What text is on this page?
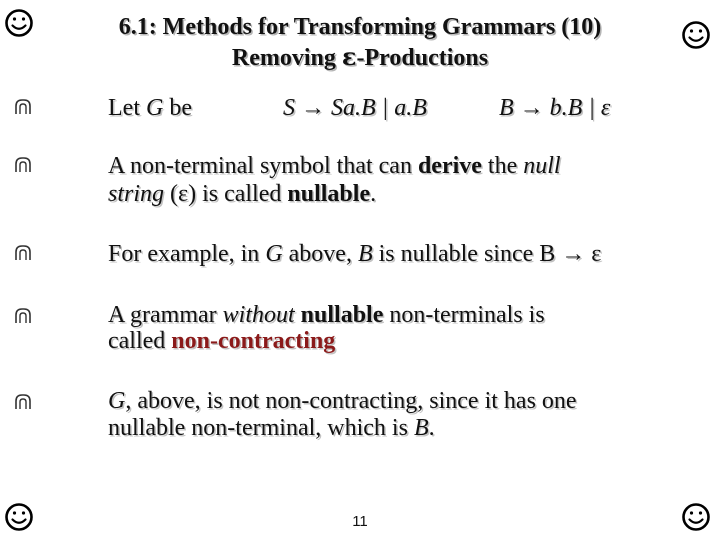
6.1: Methods for Transforming Grammars (10)
Removing ε-Productions
Let G be	S → Sa.B | a.B	B → b.B | ε
A non-terminal symbol that can derive the null
string (ε) is called nullable.
For example, in G above, B is nullable since B → ε
A grammar without nullable non-terminals is
called non-contracting
G, above, is not non-contracting, since it has one
nullable non-terminal, which is B.
11
